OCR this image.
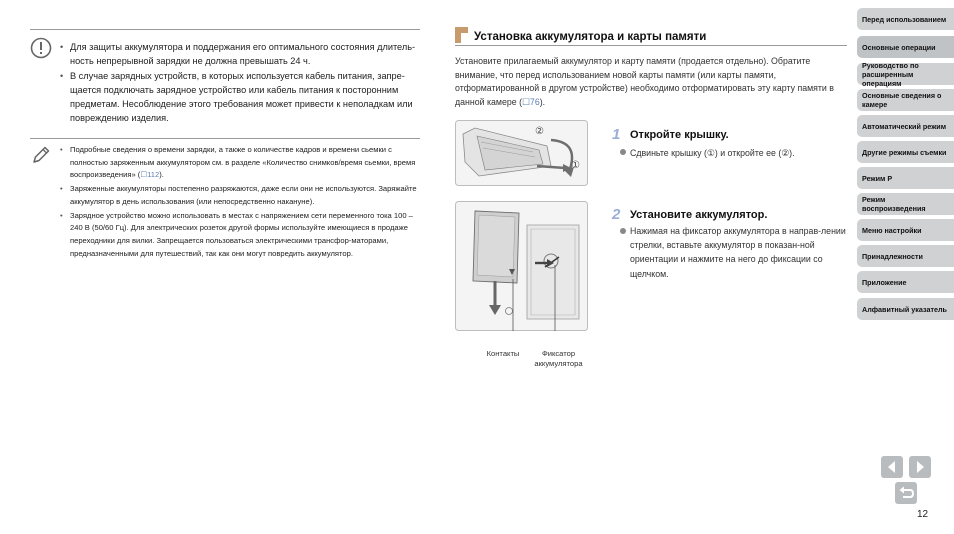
• Для защиты аккумулятора и поддержания его оптимального состояния длитель-ность непрерывной зарядки не должна превышать 24 ч.
• В случае зарядных устройств, в которых используется кабель питания, запре-щается подключать зарядное устройство или кабель питания к посторонним предметам. Несоблюдение этого требования может привести к неполадкам или повреждению изделия.
• Подробные сведения о времени зарядки, а также о количестве кадров и времени сьемки с полностью заряженным аккумулятором см. в разделе «Количество снимков/время сьемки, время воспроизведения» (☐112).
• Заряженные аккумуляторы постепенно разряжаются, даже если они не используются. Заряжайте аккумулятор в день использования (или непосредственно накануне).
• Зарядное устройство можно использовать в местах с напряжением сети переменного тока 100 – 240 В (50/60 Гц). Для электрических розеток другой формы используйте имеющиеся в продаже переходники для вилки. Запрещается пользоваться электрическими трансфор-маторами, предназначенными для путешествий, так как они могут повредить аккумулятор.
Установка аккумулятора и карты памяти
Установите прилагаемый аккумулятор и карту памяти (продается отдельно). Обратите внимание, что перед использованием новой карты памяти (или карты памяти, отформатированной в другом устройстве) необходимо отформатировать эту карту памяти в данной камере (☐76).
②
①
Контакты	Фиксатор аккумулятора
1 Откройте крышку.
Сдвиньте крышку (①) и откройте ее (②).
2 Установите аккумулятор.
Нажимая на фиксатор аккумулятора в направ-лении стрелки, вставьте аккумулятор в показан-ной ориентации и нажмите на него до фиксации со щелчком.
Перед использованием
Основные операции
Руководство по расширенным операциям
Основные сведения о камере
Автоматический режим
Другие режимы съемки
Режим P
Режим воспроизведения
Меню настройки
Принадлежности
Приложение
Алфавитный указатель
12
